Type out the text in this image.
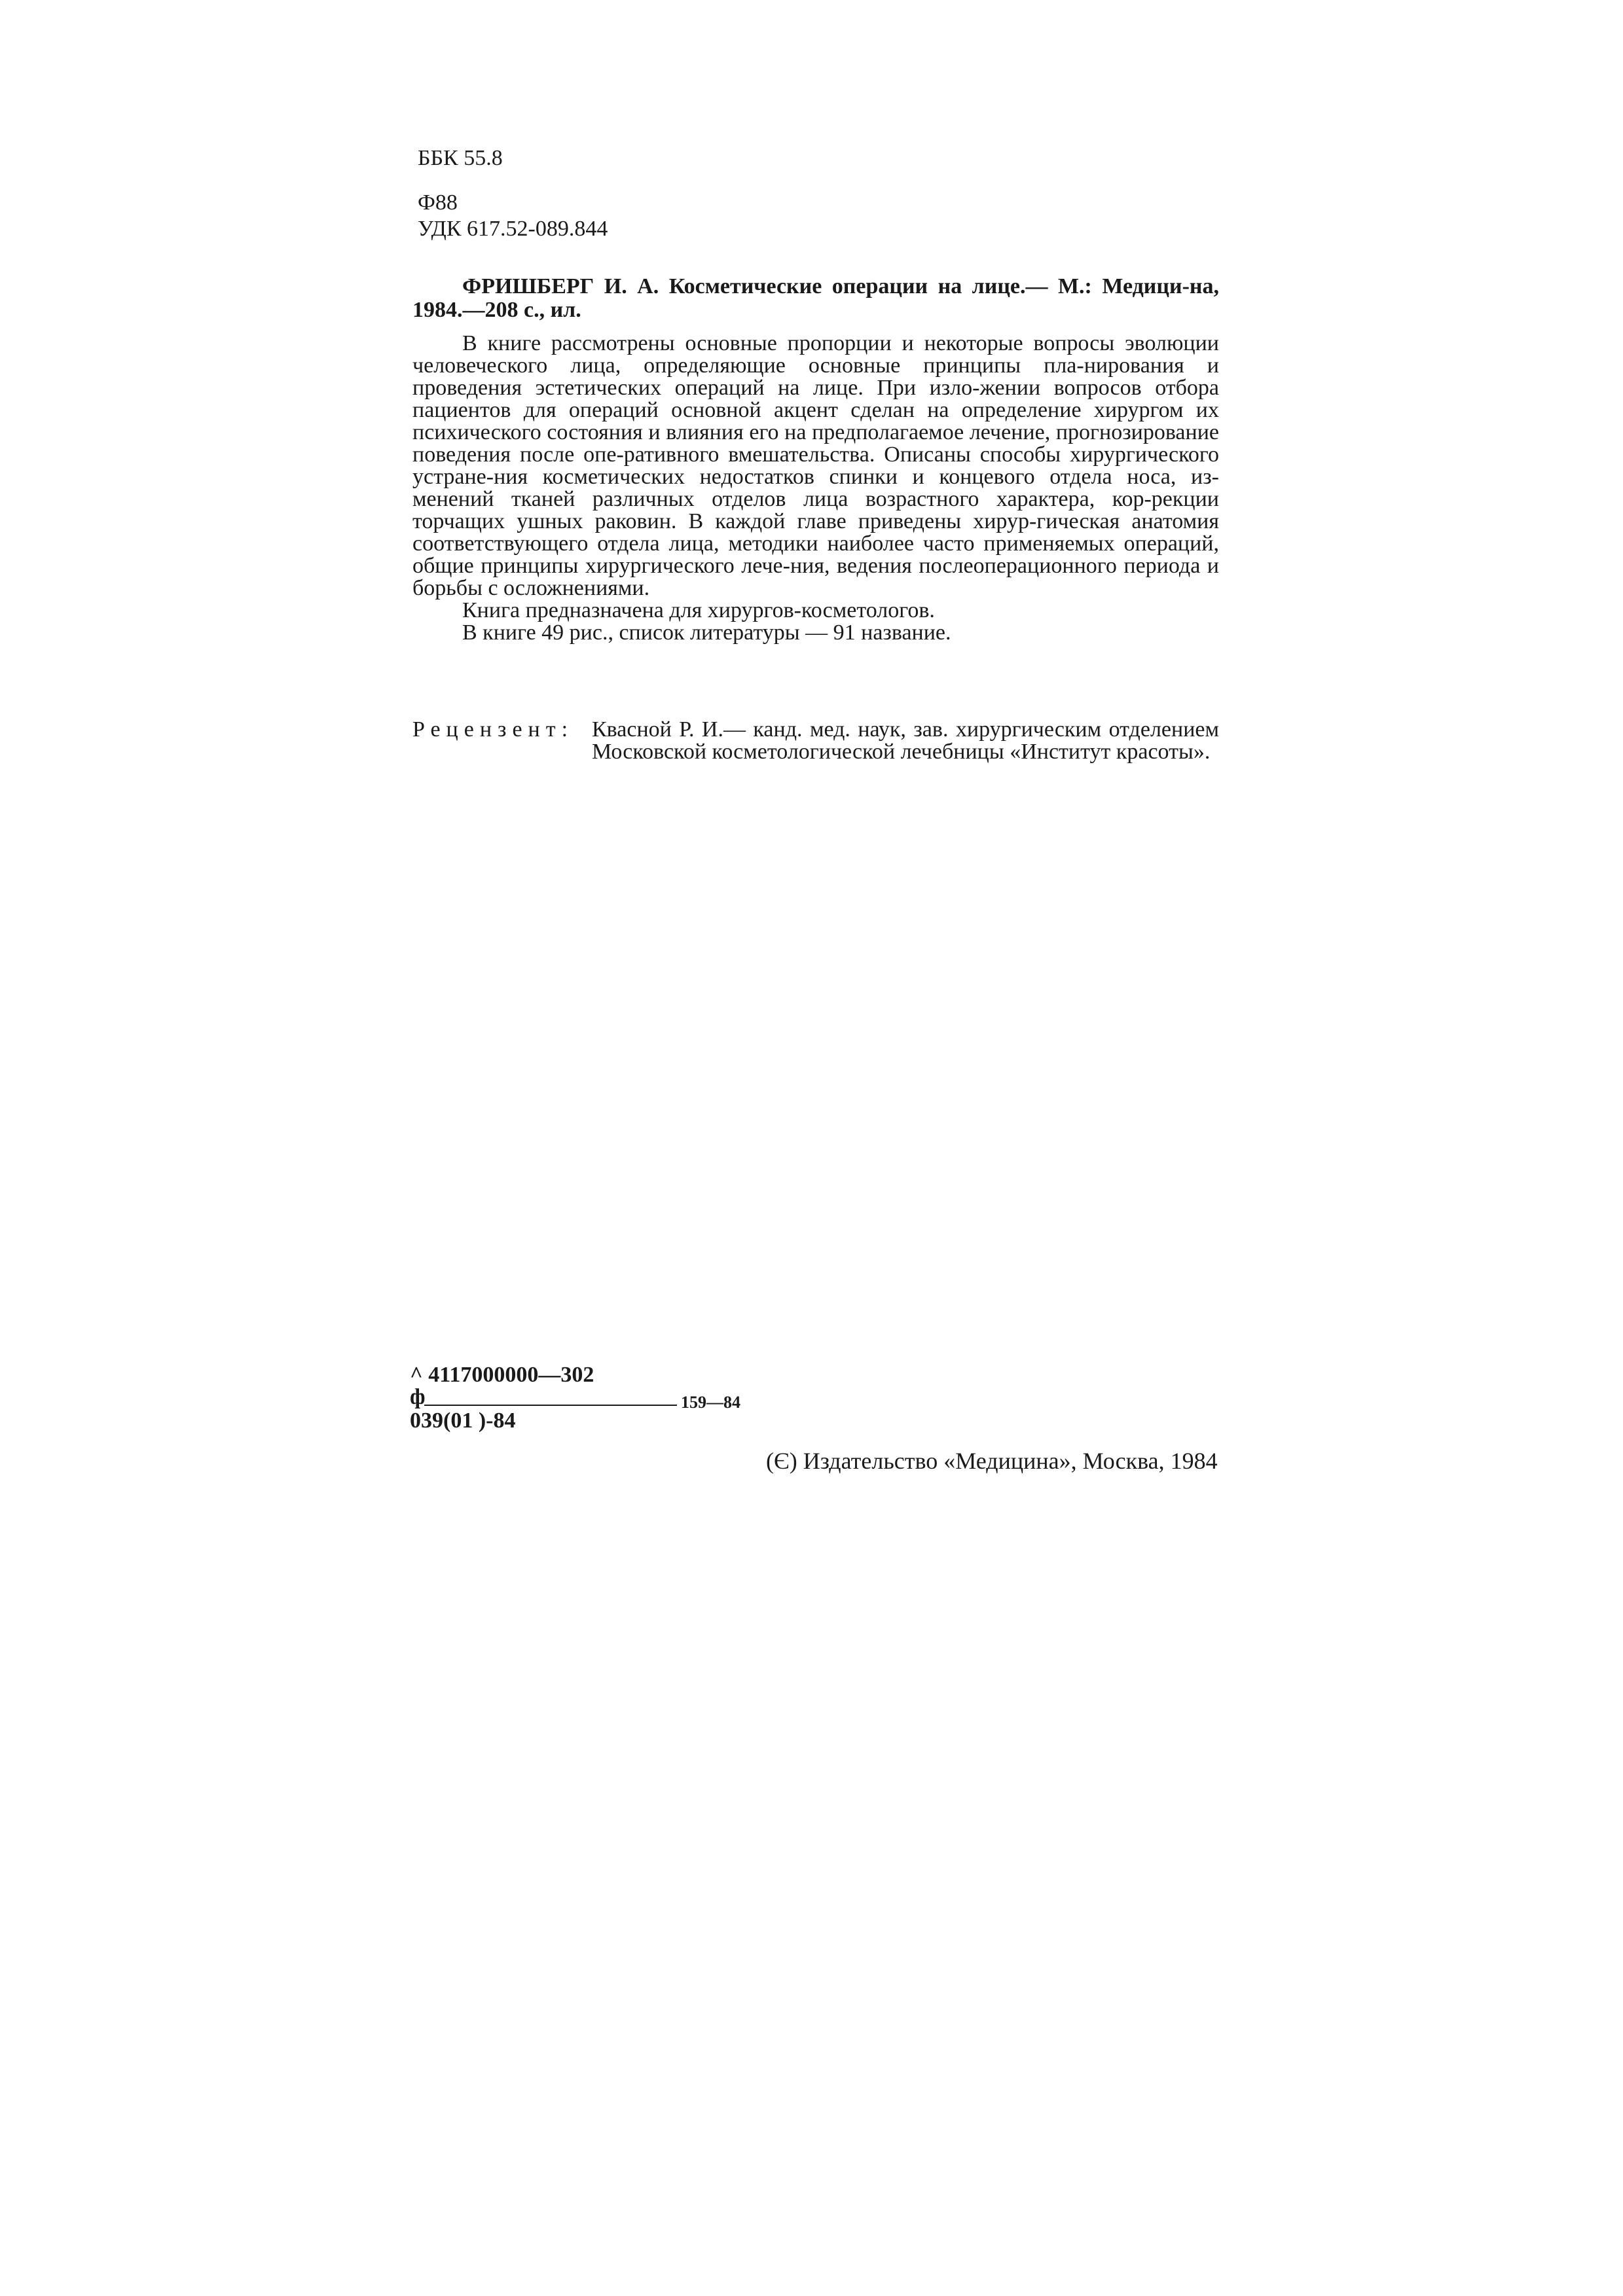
ББК 55.8
Ф88
УДК 617.52-089.844

ФРИШБЕРГ И. А. Косметические операции на лице.— М.: Медици-на, 1984.—208 с., ил.

В книге рассмотрены основные пропорции и некоторые вопросы эволюции человеческого лица, определяющие основные принципы пла-нирования и проведения эстетических операций на лице. При изло-жении вопросов отбора пациентов для операций основной акцент сделан на определение хирургом их психического состояния и влияния его на предполагаемое лечение, прогнозирование поведения после опе-ративного вмешательства. Описаны способы хирургического устране-ния косметических недостатков спинки и концевого отдела носа, из-менений тканей различных отделов лица возрастного характера, кор-рекции торчащих ушных раковин. В каждой главе приведены хирур-гическая анатомия соответствующего отдела лица, методики наиболее часто применяемых операций, общие принципы хирургического лече-ния, ведения послеоперационного периода и борьбы с осложнениями.

Книга предназначена для хирургов-косметологов.

В книге 49 рис., список литературы — 91 название.

Рецензент: Квасной Р. И.— канд. мед. наук, зав. хирургическим отделением Московской косметологической лечебницы «Институт красоты».
^ 4117000000—302
ф	159—84
039(01 )-84
(Є) Издательство «Медицина», Москва, 1984
